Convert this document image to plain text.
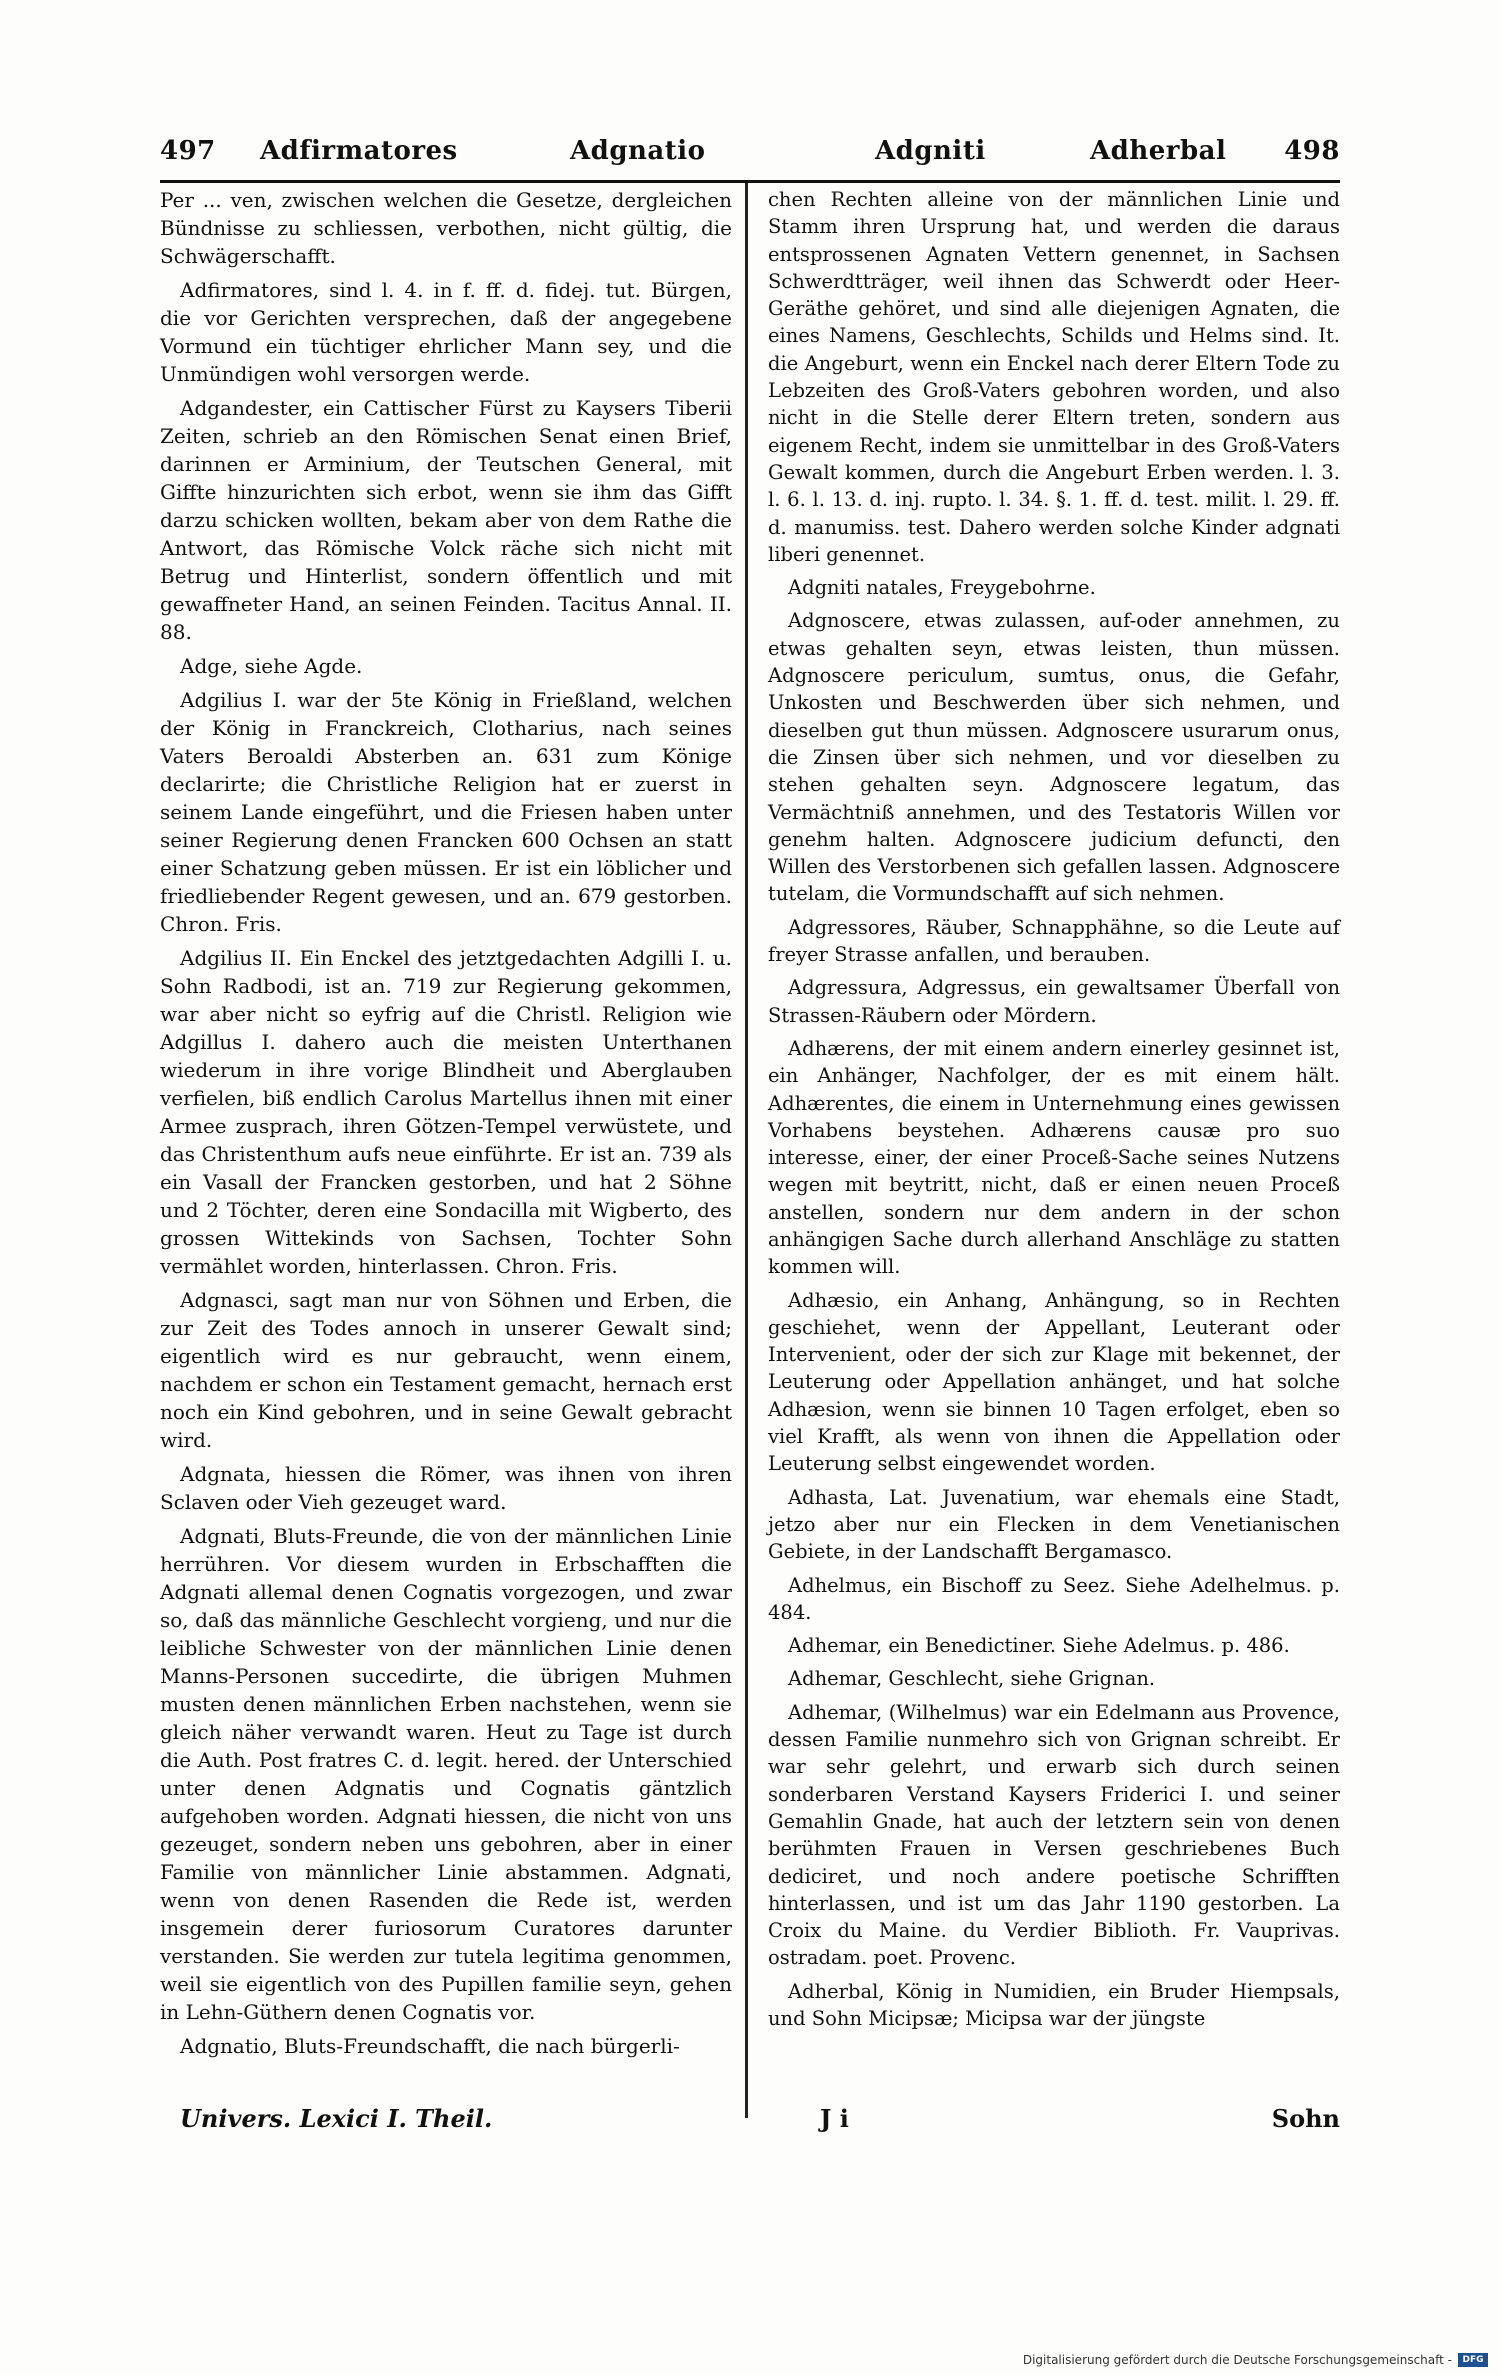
497 Adfirmatores	Adgnatio	Adgniti	Adherbal 498

Per ... ven, zwischen welchen die Gesetze, dergleichen Bündnisse zu schliessen, verbothen, nicht gültig, die Schwägerschafft.

Adfirmatores, sind l. 4. in f. ff. d. fidej. tut. Bürgen, die vor Gerichten versprechen, daß der angegebene Vormund ein tüchtiger ehrlicher Mann sey, und die Unmündigen wohl versorgen werde.

Adgandester, ein Cattischer Fürst zu Kaysers Tiberii Zeiten, schrieb an den Römischen Senat einen Brief, darinnen er Arminium, der Teutschen General, mit Giffte hinzurichten sich erbot, wenn sie ihm das Gifft darzu schicken wollten, bekam aber von dem Rathe die Antwort, das Römische Volck räche sich nicht mit Betrug und Hinterlist, sondern öffentlich und mit gewaffneter Hand, an seinen Feinden. Tacitus Annal. II. 88.

Adge, siehe Agde.

Adgilius I. war der 5te König in Frießland, welchen der König in Franckreich, Clotharius, nach seines Vaters Beroaldi Absterben an. 631 zum Könige declarirte; die Christliche Religion hat er zuerst in seinem Lande eingeführt, und die Friesen haben unter seiner Regierung denen Francken 600 Ochsen an statt einer Schatzung geben müssen. Er ist ein löblicher und friedliebender Regent gewesen, und an. 679 gestorben. Chron. Fris.

Adgilius II. Ein Enckel des jetztgedachten Adgilli I. u. Sohn Radbodi, ist an. 719 zur Regierung gekommen, war aber nicht so eyfrig auf die Christl. Religion wie Adgillus I. dahero auch die meisten Unterthanen wiederum in ihre vorige Blindheit und Aberglauben verfielen, biß endlich Carolus Martellus ihnen mit einer Armee zusprach, ihren Götzen-Tempel verwüstete, und das Christenthum aufs neue einführte. Er ist an. 739 als ein Vasall der Francken gestorben, und hat 2 Söhne und 2 Töchter, deren eine Sondacilla mit Wigberto, des grossen Wittekinds von Sachsen, Tochter Sohn vermählet worden, hinterlassen. Chron. Fris.

Adgnasci, sagt man nur von Söhnen und Erben, die zur Zeit des Todes annoch in unserer Gewalt sind; eigentlich wird es nur gebraucht, wenn einem, nachdem er schon ein Testament gemacht, hernach erst noch ein Kind gebohren, und in seine Gewalt gebracht wird.

Adgnata, hiessen die Römer, was ihnen von ihren Sclaven oder Vieh gezeuget ward.

Adgnati, Bluts-Freunde, die von der männlichen Linie herrühren. Vor diesem wurden in Erbschafften die Adgnati allemal denen Cognatis vorgezogen, und zwar so, daß das männliche Geschlecht vorgieng, und nur die leibliche Schwester von der männlichen Linie denen Manns-Personen succedirte, die übrigen Muhmen musten denen männlichen Erben nachstehen, wenn sie gleich näher verwandt waren. Heut zu Tage ist durch die Auth. Post fratres C. d. legit. hered. der Unterschied unter denen Adgnatis und Cognatis gäntzlich aufgehoben worden. Adgnati hiessen, die nicht von uns gezeuget, sondern neben uns gebohren, aber in einer Familie von männlicher Linie abstammen. Adgnati, wenn von denen Rasenden die Rede ist, werden insgemein derer furiosorum Curatores darunter verstanden. Sie werden zur tutela legitima genommen, weil sie eigentlich von des Pupillen familie seyn, gehen in Lehn-Güthern denen Cognatis vor.

Adgnatio, Bluts-Freundschafft, die nach bürgerli-

chen Rechten alleine von der männlichen Linie und Stamm ihren Ursprung hat, und werden die daraus entsprossenen Agnaten Vettern genennet, in Sachsen Schwerdtträger, weil ihnen das Schwerdt oder Heer-Geräthe gehöret, und sind alle diejenigen Agnaten, die eines Namens, Geschlechts, Schilds und Helms sind. It. die Angeburt, wenn ein Enckel nach derer Eltern Tode zu Lebzeiten des Groß-Vaters gebohren worden, und also nicht in die Stelle derer Eltern treten, sondern aus eigenem Recht, indem sie unmittelbar in des Groß-Vaters Gewalt kommen, durch die Angeburt Erben werden. l. 3. l. 6. l. 13. d. inj. rupto. l. 34. §. 1. ff. d. test. milit. l. 29. ff. d. manumiss. test. Dahero werden solche Kinder adgnati liberi genennet.

Adgniti natales, Freygebohrne.

Adgnoscere, etwas zulassen, auf-oder annehmen, zu etwas gehalten seyn, etwas leisten, thun müssen. Adgnoscere periculum, sumtus, onus, die Gefahr, Unkosten und Beschwerden über sich nehmen, und dieselben gut thun müssen. Adgnoscere usurarum onus, die Zinsen über sich nehmen, und vor dieselben zu stehen gehalten seyn. Adgnoscere legatum, das Vermächtniß annehmen, und des Testatoris Willen vor genehm halten. Adgnoscere judicium defuncti, den Willen des Verstorbenen sich gefallen lassen. Adgnoscere tutelam, die Vormundschafft auf sich nehmen.

Adgressores, Räuber, Schnapphähne, so die Leute auf freyer Strasse anfallen, und berauben.

Adgressura, Adgressus, ein gewaltsamer Überfall von Strassen-Räubern oder Mördern.

Adhærens, der mit einem andern einerley gesinnet ist, ein Anhänger, Nachfolger, der es mit einem hält. Adhærentes, die einem in Unternehmung eines gewissen Vorhabens beystehen. Adhærens causæ pro suo interesse, einer, der einer Proceß-Sache seines Nutzens wegen mit beytritt, nicht, daß er einen neuen Proceß anstellen, sondern nur dem andern in der schon anhängigen Sache durch allerhand Anschläge zu statten kommen will.

Adhæsio, ein Anhang, Anhängung, so in Rechten geschiehet, wenn der Appellant, Leuterant oder Intervenient, oder der sich zur Klage mit bekennet, der Leuterung oder Appellation anhänget, und hat solche Adhæsion, wenn sie binnen 10 Tagen erfolget, eben so viel Krafft, als wenn von ihnen die Appellation oder Leuterung selbst eingewendet worden.

Adhasta, Lat. Juvenatium, war ehemals eine Stadt, jetzo aber nur ein Flecken in dem Venetianischen Gebiete, in der Landschafft Bergamasco.

Adhelmus, ein Bischoff zu Seez. Siehe Adelhelmus. p. 484.

Adhemar, ein Benedictiner. Siehe Adelmus. p. 486.

Adhemar, Geschlecht, siehe Grignan.

Adhemar, (Wilhelmus) war ein Edelmann aus Provence, dessen Familie nunmehro sich von Grignan schreibt. Er war sehr gelehrt, und erwarb sich durch seinen sonderbaren Verstand Kaysers Friderici I. und seiner Gemahlin Gnade, hat auch der letztern sein von denen berühmten Frauen in Versen geschriebenes Buch dediciret, und noch andere poetische Schrifften hinterlassen, und ist um das Jahr 1190 gestorben. La Croix du Maine. du Verdier Biblioth. Fr. Vauprivas. ostradam. poet. Provenc.

Adherbal, König in Numidien, ein Bruder Hiempsals, und Sohn Micipsæ; Micipsa war der jüngste

Univers. Lexici I. Theil.	J i	Sohn
Digitalisierung gefördert durch die Deutsche Forschungsgemeinschaft -	DFG
